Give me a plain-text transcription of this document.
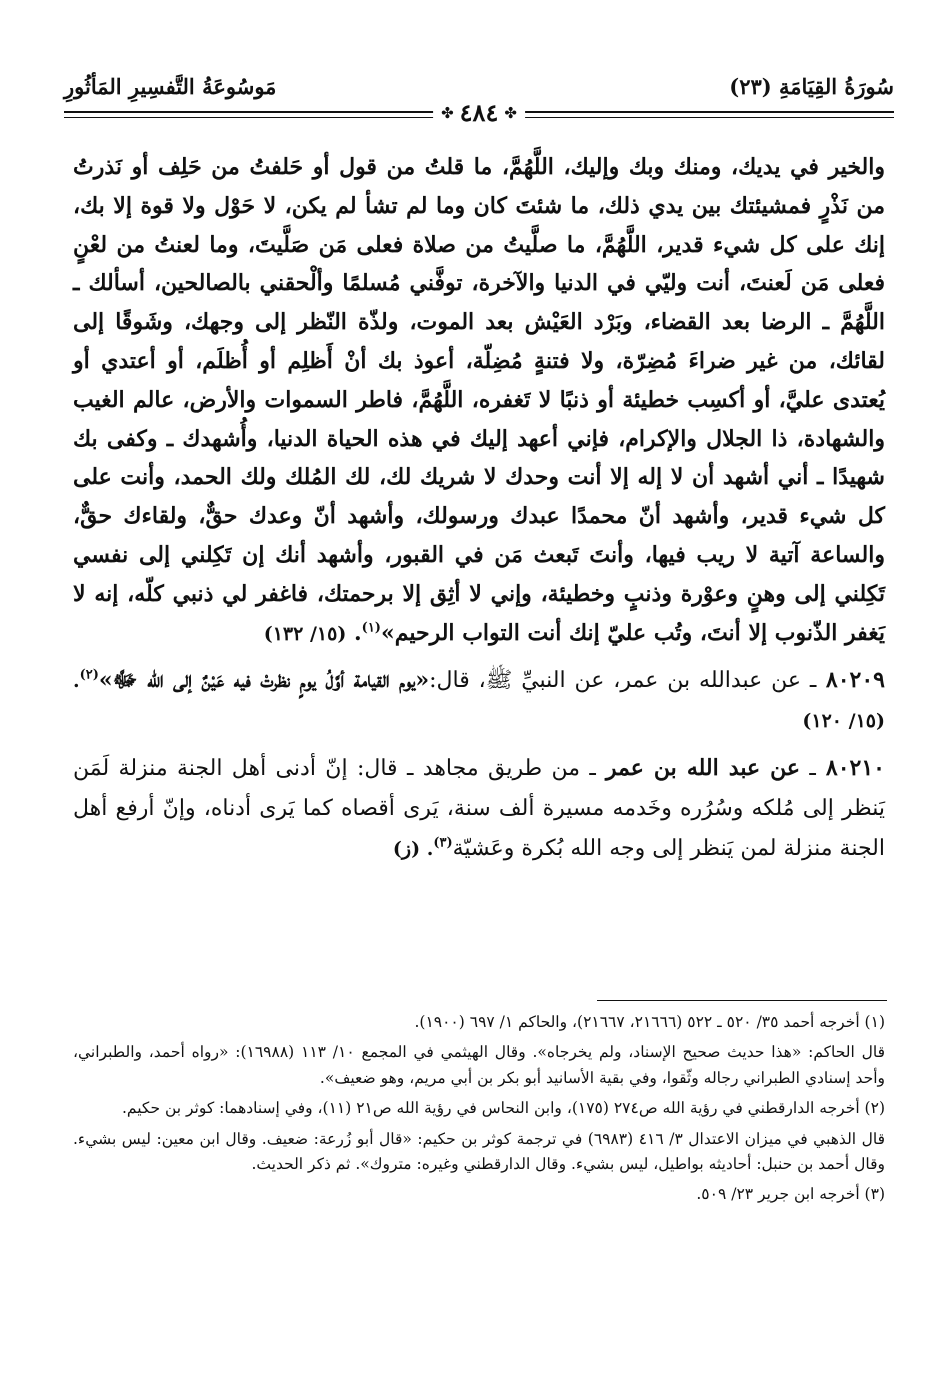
سُورَةُ القِيَامَةِ (٢٣)
مَوسُوعَةُ التَّفسِيرِ المَأثُورِ
✤
٤٨٤
✤

والخير في يديك، ومنك وبك وإليك، اللَّهُمَّ، ما قلتُ من قول أو حَلفتُ من حَلِف أو نَذرتُ من نَذْرٍ فمشيئتك بين يدي ذلك، ما شئتَ كان وما لم تشأ لم يكن، لا حَوْل ولا قوة إلا بك، إنك على كل شيء قدير، اللَّهُمَّ، ما صلَّيتُ من صلاة فعلى مَن صَلَّيتَ، وما لعنتُ من لعْنٍ فعلى مَن لَعنتَ، أنت وليّي في الدنيا والآخرة، توفَّني مُسلمًا وألْحقني بالصالحين، أسألك ـ اللَّهُمَّ ـ الرضا بعد القضاء، وبَرْد العَيْش بعد الموت، ولذّة النّظر إلى وجهك، وشَوقًا إلى لقائك، من غير ضراءَ مُضِرّة، ولا فتنةٍ مُضِلّة، أعوذ بك أنْ أَظلِم أو أُظلَم، أو أعتدي أو يُعتدى عليَّ، أو أكسِب خطيئة أو ذنبًا لا تَغفره، اللَّهُمَّ، فاطر السموات والأرض، عالم الغيب والشهادة، ذا الجلال والإكرام، فإني أعهد إليك في هذه الحياة الدنيا، وأُشهدك ـ وكفى بك شهيدًا ـ أني أشهد أن لا إله إلا أنت وحدك لا شريك لك، لك المُلك ولك الحمد، وأنت على كل شيء قدير، وأشهد أنّ محمدًا عبدك ورسولك، وأشهد أنّ وعدك حقٌّ، ولقاءك حقٌّ، والساعة آتية لا ريب فيها، وأنتَ تَبعث مَن في القبور، وأشهد أنك إن تَكِلني إلى نفسي تَكِلني إلى وهنٍ وعوْرة وذنبٍ وخطيئة، وإني لا أثِق إلا برحمتك، فاغفر لي ذنبي كلّه، إنه لا يَغفر الذّنوب إلا أنتَ، وتُب عليّ إنك أنت التواب الرحيم»$^{(١)}$. (١٥/ ١٣٢)

٨٠٢٠٩ ـ عن عبدالله بن عمر، عن النبيِّ ﷺ، قال:«يوم القيامة أوَّلُ يومٍ نظرتْ فيه عَيْنٌ إلى الله ﷻ»$^{(٢)}$. (١٥/ ١٢٠)

٨٠٢١٠ ـ عن عبد الله بن عمر ـ من طريق مجاهد ـ قال: إنّ أدنى أهل الجنة منزلة لَمَن يَنظر إلى مُلكه وسُرُره وخَدمه مسيرة ألف سنة، يَرى أقصاه كما يَرى أدناه، وإنّ أرفع أهل الجنة منزلة لمن يَنظر إلى وجه الله بُكرة وعَشيّة$^{(٣)}$. (ز)

(١) أخرجه أحمد ٣٥/ ٥٢٠ ـ ٥٢٢ (٢١٦٦٦، ٢١٦٦٧)، والحاكم ١/ ٦٩٧ (١٩٠٠).

قال الحاكم: «هذا حديث صحيح الإسناد، ولم يخرجاه». وقال الهيثمي في المجمع ١٠/ ١١٣ (١٦٩٨٨): «رواه أحمد، والطبراني، وأحد إسنادي الطبراني رجاله وثّقوا، وفي بقية الأسانيد أبو بكر بن أبي مريم، وهو ضعيف».

(٢) أخرجه الدارقطني في رؤية الله ص٢٧٤ (١٧٥)، وابن النحاس في رؤية الله ص٢١ (١١)، وفي إسنادهما: كوثر بن حكيم.

قال الذهبي في ميزان الاعتدال ٣/ ٤١٦ (٦٩٨٣) في ترجمة كوثر بن حكيم: «قال أبو زُرعة: ضعيف. وقال ابن معين: ليس بشيء. وقال أحمد بن حنبل: أحاديثه بواطيل، ليس بشيء. وقال الدارقطني وغيره: متروك». ثم ذكر الحديث.

(٣) أخرجه ابن جرير ٢٣/ ٥٠٩.
